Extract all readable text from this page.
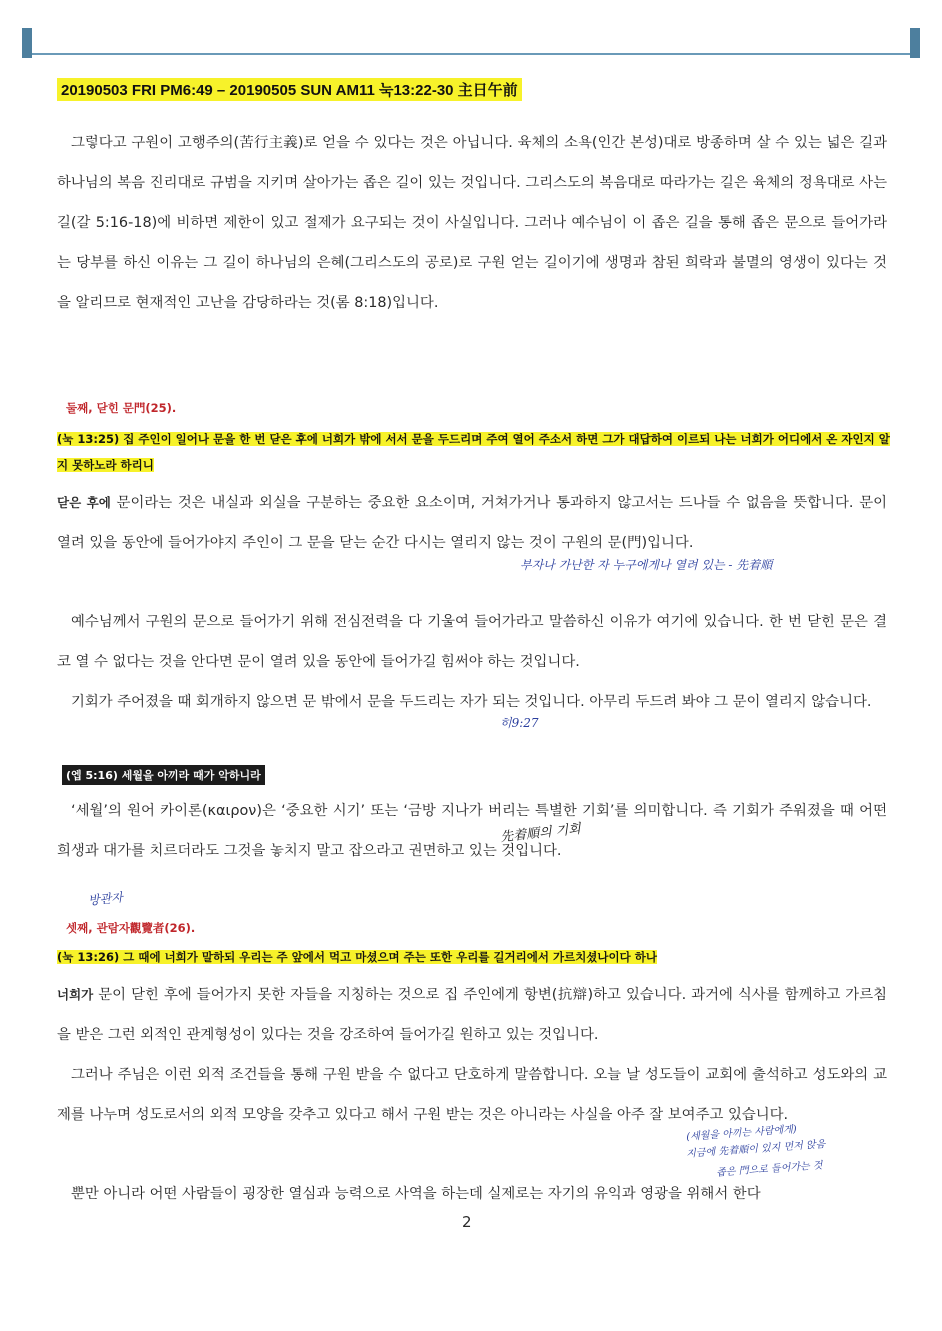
20190503 FRI PM6:49 – 20190505 SUN AM11 눅13:22-30 主日午前
그렇다고 구원이 고행주의(苦行主義)로 얻을 수 있다는 것은 아닙니다. 육체의 소욕(인간 본성)대로 방종하며 살 수 있는 넓은 길과 하나님의 복음 진리대로 규범을 지키며 살아가는 좁은 길이 있는 것입니다. 그리스도의 복음대로 따라가는 길은 육체의 정욕대로 사는 길(갈 5:16-18)에 비하면 제한이 있고 절제가 요구되는 것이 사실입니다. 그러나 예수님이 이 좁은 길을 통해 좁은 문으로 들어가라는 당부를 하신 이유는 그 길이 하나님의 은혜(그리스도의 공로)로 구원 얻는 길이기에 생명과 참된 희락과 불멸의 영생이 있다는 것을 알리므로 현재적인 고난을 감당하라는 것(롬 8:18)입니다.
둘째, 닫힌 문門(25).
(눅 13:25) 집 주인이 일어나 문을 한 번 닫은 후에 너희가 밖에 서서 문을 두드리며 주여 열어 주소서 하면 그가 대답하여 이르되 나는 너희가 어디에서 온 자인지 알지 못하노라 하리니
닫은 후에 문이라는 것은 내실과 외실을 구분하는 중요한 요소이며, 거쳐가거나 통과하지 않고서는 드나들 수 없음을 뜻합니다. 문이 열려 있을 동안에 들어가야지 주인이 그 문을 닫는 순간 다시는 열리지 않는 것이 구원의 문(門)입니다.
예수님께서 구원의 문으로 들어가기 위해 전심전력을 다 기울여 들어가라고 말씀하신 이유가 여기에 있습니다. 한 번 닫힌 문은 결코 열 수 없다는 것을 안다면 문이 열려 있을 동안에 들어가길 힘써야 하는 것입니다.
기회가 주어졌을 때 회개하지 않으면 문 밖에서 문을 두드리는 자가 되는 것입니다. 아무리 두드려 봐야 그 문이 열리지 않습니다.
(엡 5:16) 세월을 아끼라 때가 악하니라
‘세월’의 원어 카이론(καιρον)은 ‘중요한 시기’ 또는 ‘금방 지나가 버리는 특별한 기회’를 의미합니다. 즉 기회가 주워졌을 때 어떤 희생과 대가를 치르더라도 그것을 놓치지 말고 잡으라고 권면하고 있는 것입니다.
셋째, 관람자觀覽者(26).
(눅 13:26) 그 때에 너희가 말하되 우리는 주 앞에서 먹고 마셨으며 주는 또한 우리를 길거리에서 가르치셨나이다 하나
너희가 문이 닫힌 후에 들어가지 못한 자들을 지칭하는 것으로 집 주인에게 항변(抗辯)하고 있습니다. 과거에 식사를 함께하고 가르침을 받은 그런 외적인 관계형성이 있다는 것을 강조하여 들어가길 원하고 있는 것입니다.
그러나 주님은 이런 외적 조건들을 통해 구원 받을 수 없다고 단호하게 말씀합니다. 오늘 날 성도들이 교회에 출석하고 성도와의 교제를 나누며 성도로서의 외적 모양을 갖추고 있다고 해서 구원 받는 것은 아니라는 사실을 아주 잘 보여주고 있습니다.
뿐만 아니라 어떤 사람들이 굉장한 열심과 능력으로 사역을 하는데 실제로는 자기의 유익과 영광을 위해서 한다
2
부자나 가난한 자 누구에게나 열려 있는 - 先着順
히9:27
先着順의 기회
방관자
(세월을 아끼는 사람에게)
지금에 先着順이 있지 먼저 앉음
좁은 門으로 들어가는 것
